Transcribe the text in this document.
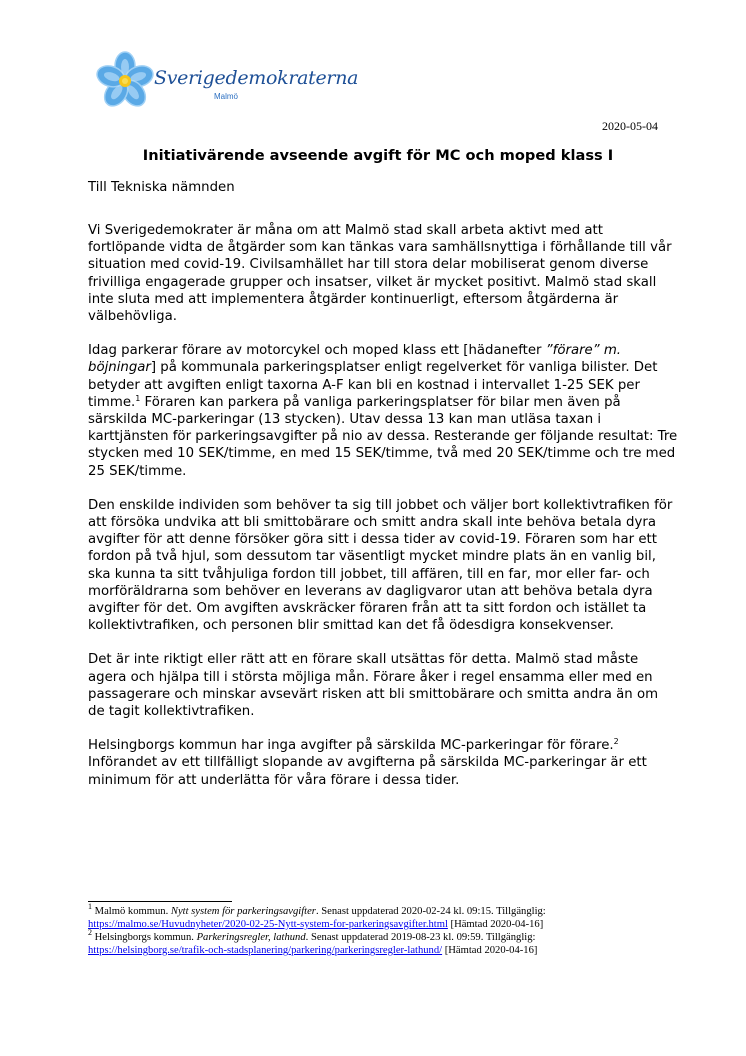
Sverigedemokraterna
Malmö
2020-05-04
Initiativärende avseende avgift för MC och moped klass I
Till Tekniska nämnden

Vi Sverigedemokrater är måna om att Malmö stad skall arbeta aktivt med att fortlöpande vidta de åtgärder som kan tänkas vara samhällsnyttiga i förhållande till vår situation med covid-19. Civilsamhället har till stora delar mobiliserat genom diverse frivilliga engagerade grupper och insatser, vilket är mycket positivt. Malmö stad skall inte sluta med att implementera åtgärder kontinuerligt, eftersom åtgärderna är välbehövliga.

Idag parkerar förare av motorcykel och moped klass ett [hädanefter ”förare” m. böjningar] på kommunala parkeringsplatser enligt regelverket för vanliga bilister. Det betyder att avgiften enligt taxorna A-F kan bli en kostnad i intervallet 1-25 SEK per timme.$^1$ Föraren kan parkera på vanliga parkeringsplatser för bilar men även på särskilda MC-parkeringar (13 stycken). Utav dessa 13 kan man utläsa taxan i karttjänsten för parkeringsavgifter på nio av dessa. Resterande ger följande resultat: Tre stycken med 10 SEK/timme, en med 15 SEK/timme, två med 20 SEK/timme och tre med 25 SEK/timme.

Den enskilde individen som behöver ta sig till jobbet och väljer bort kollektivtrafiken för att försöka undvika att bli smittobärare och smitt andra skall inte behöva betala dyra avgifter för att denne försöker göra sitt i dessa tider av covid-19. Föraren som har ett fordon på två hjul, som dessutom tar väsentligt mycket mindre plats än en vanlig bil, ska kunna ta sitt tvåhjuliga fordon till jobbet, till affären, till en far, mor eller far- och morföräldrarna som behöver en leverans av dagligvaror utan att behöva betala dyra avgifter för det. Om avgiften avskräcker föraren från att ta sitt fordon och istället ta kollektivtrafiken, och personen blir smittad kan det få ödesdigra konsekvenser.

Det är inte riktigt eller rätt att en förare skall utsättas för detta. Malmö stad måste agera och hjälpa till i största möjliga mån. Förare åker i regel ensamma eller med en passagerare och minskar avsevärt risken att bli smittobärare och smitta andra än om de tagit kollektivtrafiken.

Helsingborgs kommun har inga avgifter på särskilda MC-parkeringar för förare.$^2$ Införandet av ett tillfälligt slopande av avgifterna på särskilda MC-parkeringar är ett minimum för att underlätta för våra förare i dessa tider.

$^1$ Malmö kommun. Nytt system för parkeringsavgifter. Senast uppdaterad 2020-02-24 kl. 09:15. Tillgänglig:
https://malmo.se/Huvudnyheter/2020-02-25-Nytt-system-for-parkeringsavgifter.html [Hämtad 2020-04-16]

$^2$ Helsingborgs kommun. Parkeringsregler, lathund. Senast uppdaterad 2019-08-23 kl. 09:59. Tillgänglig:
https://helsingborg.se/trafik-och-stadsplanering/parkering/parkeringsregler-lathund/ [Hämtad 2020-04-16]
